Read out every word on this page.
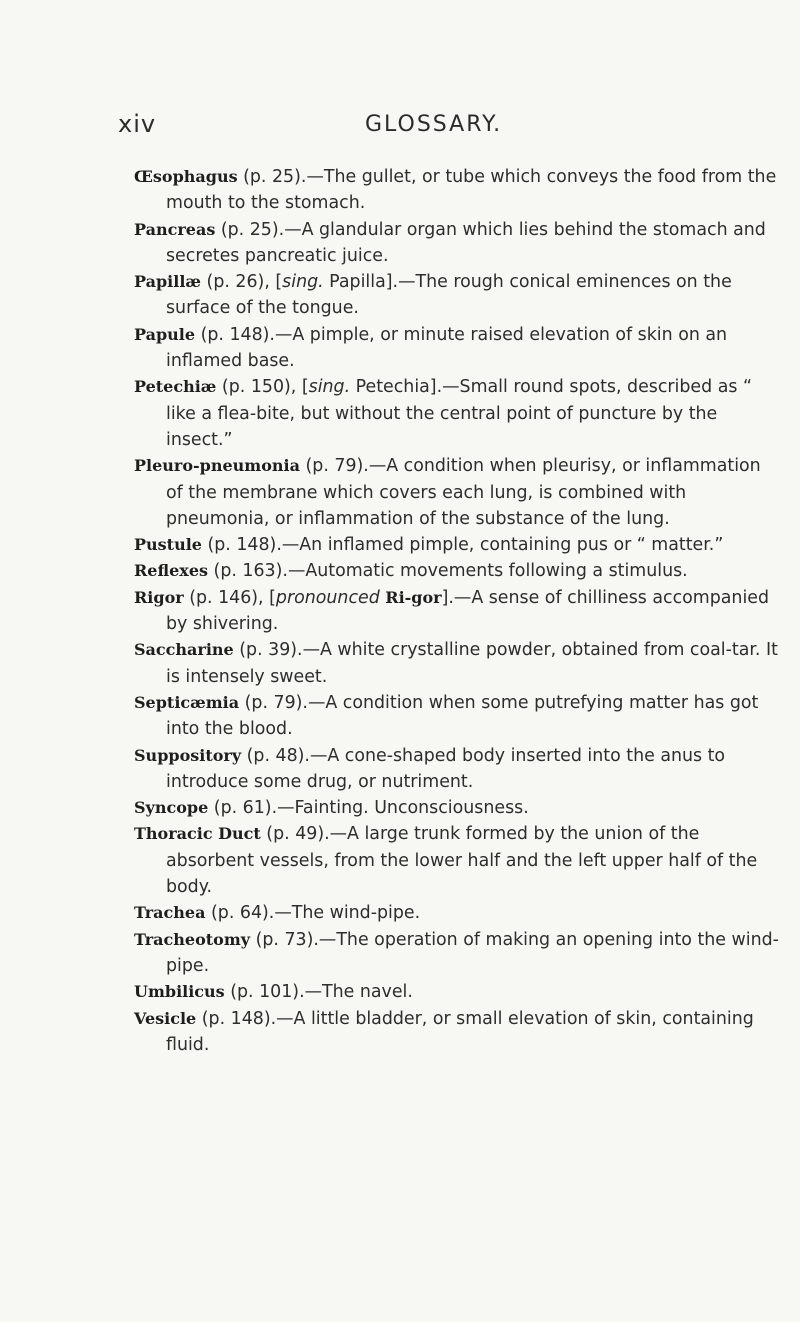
xiv	GLOSSARY.

Œsophagus (p. 25).—The gullet, or tube which conveys the food from the mouth to the stomach.

Pancreas (p. 25).—A glandular organ which lies behind the stomach and secretes pancreatic juice.

Papillæ (p. 26), [sing. Papilla].—The rough conical eminences on the surface of the tongue.

Papule (p. 148).—A pimple, or minute raised elevation of skin on an inflamed base.

Petechiæ (p. 150), [sing. Petechia].—Small round spots, described as “ like a flea-bite, but without the central point of puncture by the insect.”

Pleuro-pneumonia (p. 79).—A condition when pleurisy, or inflammation of the membrane which covers each lung, is combined with pneumonia, or inflammation of the substance of the lung.

Pustule (p. 148).—An inflamed pimple, containing pus or “ matter.”

Reflexes (p. 163).—Automatic movements following a stimulus.

Rigor (p. 146), [pronounced Ri-gor].—A sense of chilliness accompanied by shivering.

Saccharine (p. 39).—A white crystalline powder, obtained from coal-tar. It is intensely sweet.

Septicæmia (p. 79).—A condition when some putrefying matter has got into the blood.

Suppository (p. 48).—A cone-shaped body inserted into the anus to introduce some drug, or nutriment.

Syncope (p. 61).—Fainting. Unconsciousness.

Thoracic Duct (p. 49).—A large trunk formed by the union of the absorbent vessels, from the lower half and the left upper half of the body.

Trachea (p. 64).—The wind-pipe.

Tracheotomy (p. 73).—The operation of making an opening into the wind-pipe.

Umbilicus (p. 101).—The navel.

Vesicle (p. 148).—A little bladder, or small elevation of skin, containing fluid.
